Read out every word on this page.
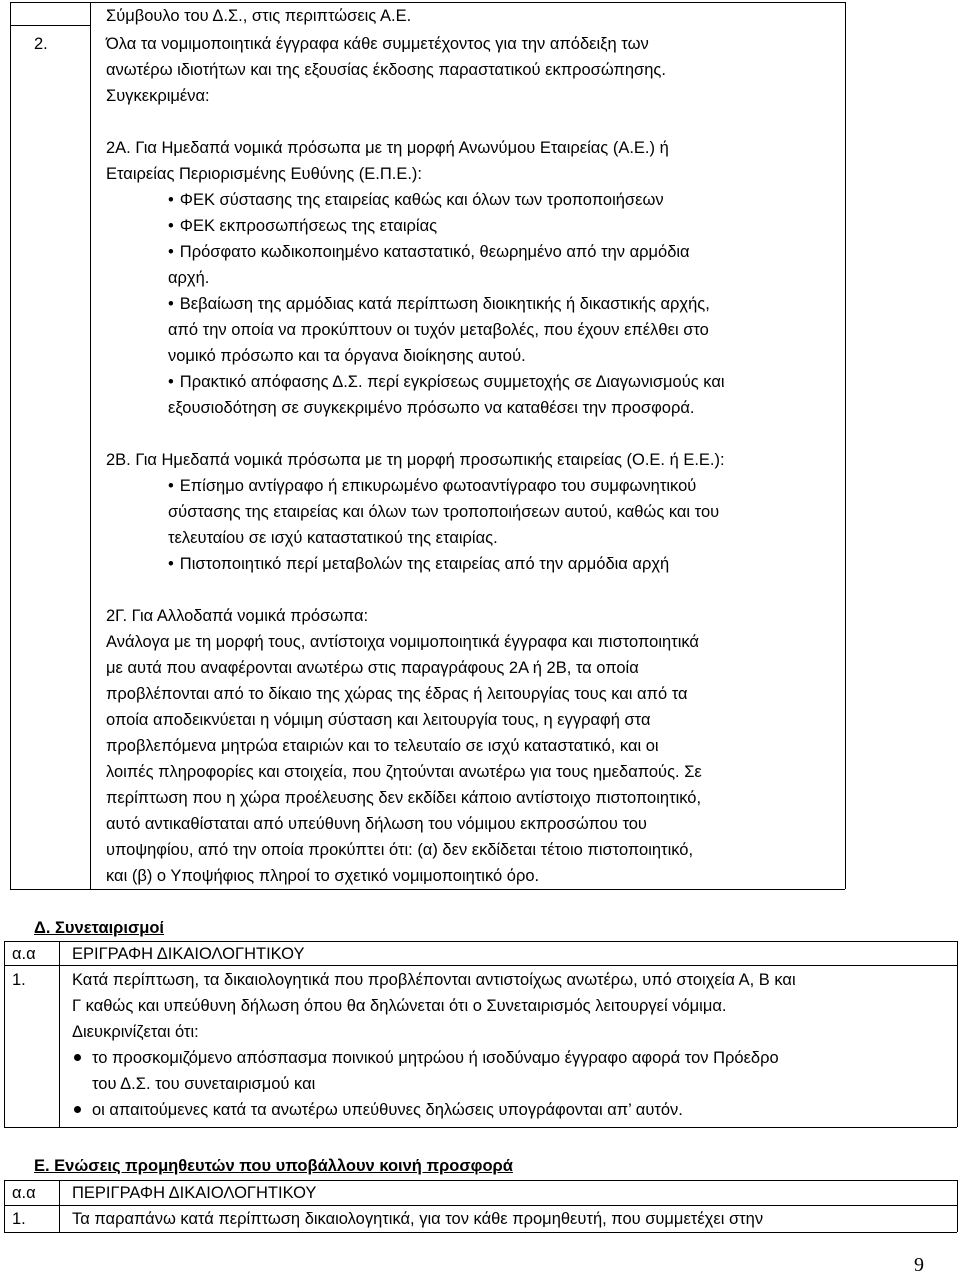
Σύμβουλο του Δ.Σ., στις περιπτώσεις Α.Ε.
2.	Όλα τα νομιμοποιητικά έγγραφα κάθε συμμετέχοντος για την απόδειξη των
ανωτέρω ιδιοτήτων και της εξουσίας έκδοσης παραστατικού εκπροσώπησης.
Συγκεκριμένα:
2Α. Για Ημεδαπά νομικά πρόσωπα με τη μορφή Ανωνύμου Εταιρείας (Α.Ε.) ή
Εταιρείας Περιορισμένης Ευθύνης (Ε.Π.Ε.):
• ΦΕΚ σύστασης της εταιρείας καθώς και όλων των τροποποιήσεων
• ΦΕΚ εκπροσωπήσεως της εταιρίας
• Πρόσφατο κωδικοποιημένο καταστατικό, θεωρημένο από την αρμόδια
αρχή.
• Βεβαίωση της αρμόδιας κατά περίπτωση διοικητικής ή δικαστικής αρχής,
από την οποία να προκύπτουν οι τυχόν μεταβολές, που έχουν επέλθει στο
νομικό πρόσωπο και τα όργανα διοίκησης αυτού.
• Πρακτικό απόφασης Δ.Σ. περί εγκρίσεως συμμετοχής σε Διαγωνισμούς και
εξουσιοδότηση σε συγκεκριμένο πρόσωπο να καταθέσει την προσφορά.
2Β. Για Ημεδαπά νομικά πρόσωπα με τη μορφή προσωπικής εταιρείας (Ο.Ε. ή Ε.Ε.):
• Επίσημο αντίγραφο ή επικυρωμένο φωτοαντίγραφο του συμφωνητικού
σύστασης της εταιρείας και όλων των τροποποιήσεων αυτού, καθώς και του
τελευταίου σε ισχύ καταστατικού της εταιρίας.
• Πιστοποιητικό περί μεταβολών της εταιρείας από την αρμόδια αρχή
2Γ. Για Αλλοδαπά νομικά πρόσωπα:
Ανάλογα με τη μορφή τους, αντίστοιχα νομιμοποιητικά έγγραφα και πιστοποιητικά
με αυτά που αναφέρονται ανωτέρω στις παραγράφους 2Α ή 2Β, τα οποία
προβλέπονται από το δίκαιο της χώρας της έδρας ή λειτουργίας τους και από τα
οποία αποδεικνύεται η νόμιμη σύσταση και λειτουργία τους, η εγγραφή στα
προβλεπόμενα μητρώα εταιριών και το τελευταίο σε ισχύ καταστατικό, και οι
λοιπές πληροφορίες και στοιχεία, που ζητούνται ανωτέρω για τους ημεδαπούς. Σε
περίπτωση που η χώρα προέλευσης δεν εκδίδει κάποιο αντίστοιχο πιστοποιητικό,
αυτό αντικαθίσταται από υπεύθυνη δήλωση του νόμιμου εκπροσώπου του
υποψηφίου, από την οποία προκύπτει ότι: (α) δεν εκδίδεται τέτοιο πιστοποιητικό,
και (β) ο Υποψήφιος πληροί το σχετικό νομιμοποιητικό όρο.
Δ. Συνεταιρισμοί
α.α ΕΡΙΓΡΑΦΗ ΔΙΚΑΙΟΛΟΓΗΤΙΚΟΥ
1.	Κατά περίπτωση, τα δικαιολογητικά που προβλέπονται αντιστοίχως ανωτέρω, υπό στοιχεία Α, Β και
Γ καθώς και υπεύθυνη δήλωση όπου θα δηλώνεται ότι ο Συνεταιρισμός λειτουργεί νόμιμα.
Διευκρινίζεται ότι:
το προσκομιζόμενο απόσπασμα ποινικού μητρώου ή ισοδύναμο έγγραφο αφορά τον Πρόεδρο
του Δ.Σ. του συνεταιρισμού και
οι απαιτούμενες κατά τα ανωτέρω υπεύθυνες δηλώσεις υπογράφονται απ’ αυτόν.
Ε. Ενώσεις προμηθευτών που υποβάλλουν κοινή προσφορά
α.α ΠΕΡΙΓΡΑΦΗ ΔΙΚΑΙΟΛΟΓΗΤΙΚΟΥ
1.	Τα παραπάνω κατά περίπτωση δικαιολογητικά, για τον κάθε προμηθευτή, που συμμετέχει στην
9
